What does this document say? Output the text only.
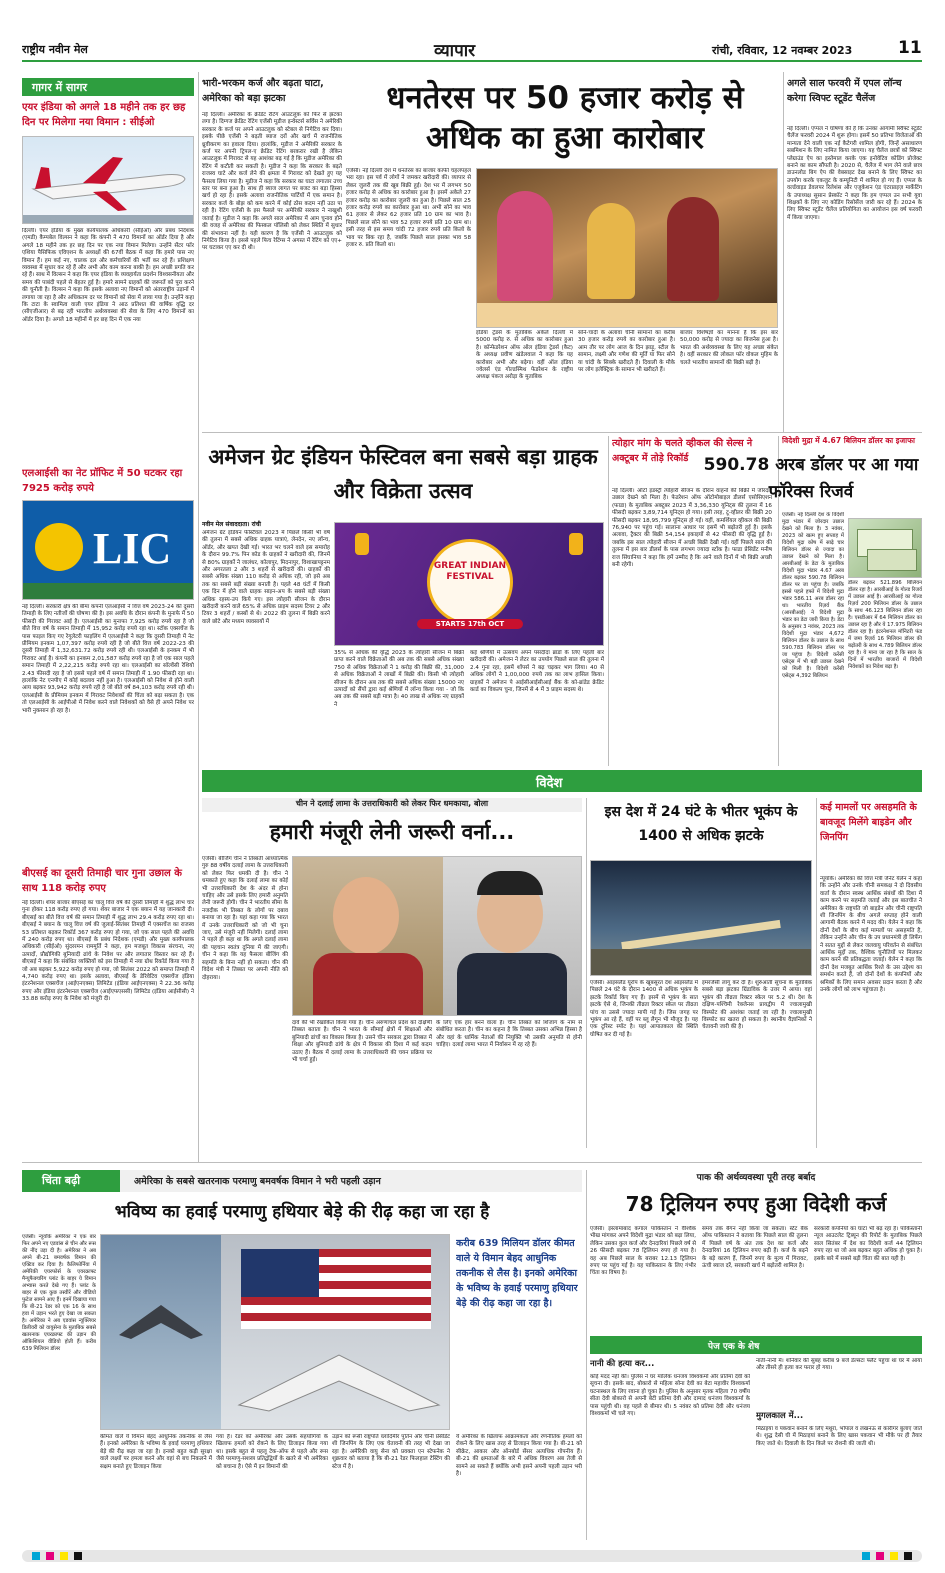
राष्ट्रीय नवीन मेल	व्यापार	रांची, रविवार, 12 नवम्बर 2023	11
गागर में सागर
एयर इंडिया को अगले 18 महीने तक हर छह दिन पर मिलेगा नया विमान : सीईओ
दिल्ली। एयर इंडिया के मुख्य कार्यपालक अधिकारी (सीईओ) और प्रबंध निदेशक (एमडी) कैम्पबेल विल्सन ने कहा कि कंपनी ने 470 विमानों का ऑर्डर दिया है और अगले 18 महीने तक हर छह दिन पर एक नया विमान मिलेगा। उन्होंने सेंटर फॉर एशिया पैसिफिक एविएशन के अध्यक्षों की 67वीं बैठक में कहा कि हमारे पास नए विमान हैं। हम कई नए, चालक दल और कर्मचारियों की भर्ती कर रहे हैं। प्रशिक्षण व्यवस्था में सुधार कर रहे हैं और अभी और काम करना बाकी है। हम अच्छी प्रगति कर रहे हैं। साथ में विल्सन ने कहा कि एयर इंडिया के व्यवहार्यता प्रदर्शन विश्वसनीयता और समय की पाबंदी पहले से बेहतर हुई है। हमारे सामने ग्राहकों की जरूरतें को पूरा करने की चुनौती है। विल्सन ने कहा कि इसके अलावा नए विमानों को अंतरराष्ट्रीय उड़ानों में लगाया जा रहा है और अधिकतम दर पर विमानों को सेवा में लाया गया है। उन्होंने कहा कि टाटा के स्वामित्व वाली एयर इंडिया ने आठ प्रतिशत की वार्षिक वृद्धि दर (सीएजीआर) से बढ़ रही भारतीय अर्थव्यवस्था की सेवा के लिए 470 विमानों का ऑर्डर दिया है। अगले 18 महीनों में हर छह दिन में एक नया
एलआईसी का नेट प्रॉफिट में 50 घटकर रहा 7925 करोड़ रुपये
LIC
नई दिल्ली। सरकारी क्षेत्र की बीमा कंपनी एलआईसी ने वित्त वर्ष 2023-24 की दूसरी तिमाही के लिए नतीजों की घोषणा की है। इस अवधि के दौरान कंपनी के मुनाफे में 50 फीसदी की गिरावट आई है। एलआईसी का मुनाफा 7,925 करोड़ रुपये रहा है जो बीते वित्त वर्ष के समान तिमाही में 15,952 करोड़ रुपये रहा था। स्टॉक एक्सचेंज के पास फाइल किए गए रेगुलेटरी फाइलिंग में एलआईसी ने कहा कि दूसरी तिमाही में नेट प्रीमियम इनकम 1,07,397 करोड़ रुपये रही है जो बीते वित्त वर्ष 2022-23 की दूसरी तिमाही में 1,32,631.72 करोड़ रुपये रही थी। एलआईसी के इनकम में भी गिरावट आई है। कंपनी का इनकम 2,01,587 करोड़ रुपये रहा है जो एक साल पहले समान तिमाही में 2,22,215 करोड़ रुपये रहा था। एलआईसी का सॉल्वेंसी रेशियो 2.43 फीसदी रहा है जो इससे पहले वर्ष में समान तिमाही में 1.90 फीसदी रहा था। हालांकि नेट एनपीए में कोई बदलाव नहीं हुआ है। एलआईसी को निवेश से होने वाली आय बढ़कर 93,942 करोड़ रुपये रही है जो बीते वर्ष 84,103 करोड़ रुपये रही थी। एलआईसी के प्रीमियम इनकम में गिरावट निवेशकों की चिंता को बढ़ा सकता है। एक तो एलआईसी के आईपीओ में निवेश करने वाले निवेशकों को वैसे ही अपने निवेश पर भारी नुकसान हो रहा है।
बीएसई का दूसरी तिमाही चार गुना उछाल के साथ 118 करोड़ रुपए
नई दिल्ली। शेयर बाजार बीएसई का चालू वित्त वर्ष की दूसरी तिमाही में शुद्ध लाभ चार गुना होकर 118 करोड़ रुपए हो गया। शेयर बाजार ने एक बयान में यह जानकारी दी। बीएसई का बीते वित्त वर्ष की समान तिमाही में शुद्ध लाभ 29.4 करोड़ रुपए रहा था। बीएसई ने बयान के चालू वित्त वर्ष की जुलाई-सितंबर तिमाही में एक्सचेंज का राजस्व 53 प्रतिशत बढ़कर रिकॉर्ड 367 करोड़ रुपए हो गया, जो एक साल पहले की अवधि में 240 करोड़ रुपए था। बीएसई के प्रबंध निदेशक (एमडी) और मुख्य कार्यपालक अधिकारी (सीईओ) सुंदररमन राममूर्ति ने कहा, हम मजबूत विकास संरचना, नए उत्पादों, प्रौद्योगिकी बुनियादी ढांचे के निवेश पर और लगातार विस्तार कर रहे हैं। बीएसई ने कहा कि संबंधित व्यक्तियों को इस तिमाही में नया ग्रोथ रिकॉर्ड किया गया है जो अब बढ़कर 5,922 करोड़ रुपए हो गया, जो सितंबर 2022 को समाप्त तिमाही में 4,740 करोड़ रुपए था। इसके अलावा, बीएसई के डेरिवेटिव एक्सचेंज इंडिया इंटरनेशनल एक्सचेंज (आईएनएक्स) लिमिटेड (इंडिया आईएनएक्स) ने 22.36 करोड़ रुपए और इंडिया इंटरनेशनल एक्सचेंज (आईएफएससी) लिमिटेड (इंडिया आईसीसी) ने 33.88 करोड़ रुपए के निवेश को मंजूरी दी।
भारी-भरकम कर्ज और बढ़ता घाटा, अमेरिका को बड़ा झटका
नई दिल्ली। अमेरिका के क्रेडिट रेटिंग आउटलुक को फिर से झटका लगा है। दिग्गज क्रेडिट रेटिंग एजेंसी मूडीज इन्वेस्टर्स सर्विस ने अमेरिकी सरकार के कर्ज पर अपने आउटलुक को स्टेबल से निगेटिव कर दिया। इसके पीछे एजेंसी ने बढ़ती ब्याज दरों और खर्च में राजनीतिक ध्रुवीकरण का हवाला दिया। हालांकि, मूडीज ने अमेरिकी सरकार के कर्ज पर अपनी ट्रिपल-ए क्रेडिट रेटिंग बरकरार रखी है लेकिन आउटलुक में गिरावट से यह आशंका बढ़ गई है कि मूडीज अमेरिका की रेटिंग में कटौती कर सकती है। मूडीज ने कहा कि सरकार के बढ़ते राजस्व घाटे और कर्ज लेने की क्षमता में गिरावट को देखते हुए यह फैसला लिया गया है। मूडीज ने कहा कि सरकार का घाटा लगातार उच्च स्तर पर बना हुआ है। साथ ही ब्याज लागत पर बजट का बड़ा हिस्सा खर्च हो रहा है। इसके अलावा राजनीतिक पार्टियों में एक समान है। सरकार कर्ज के बोझ को कम करने में कोई ठोस कदम नहीं उठा पा रही है। रेटिंग एजेंसी के इस फैसले पर अमेरिकी सरकार ने नाखुशी जताई है। मूडीज ने कहा कि अगले साल अमेरिका में आम चुनाव होने की वजह से अमेरिका की फिस्कल पॉलिसी को लेकर स्थिति में सुधार की संभावना नहीं है। यही कारण है कि एजेंसी ने आउटलुक को निगेटिव किया है। इससे पहले फिच रेटिंग्स ने अगस्त में रेटिंग को एए+ पर घटाकर एए कर दी थी।
धनतेरस पर 50 हजार करोड़ से अधिक का हुआ कारोबार
एजेंसी। नई दिल्ली देश में धनतेरस का बाजार काफी चहलपहल भरा रहा। इस पर्व में लोगों ने जमकर खरीदारी की। व्यापार से लेकर जुलरी तक की खूब बिक्री हुई। देश भर में लगभग 50 हजार करोड़ से अधिक का कारोबार हुआ है। इसमें अकेले 27 हजार करोड़ का कारोबार जुलरी का हुआ है। पिछले साल 25 हजार करोड़ रुपये का कारोबार हुआ था। अभी सोने का भाव 61 हजार से लेकर 62 हजार प्रति 10 ग्राम का भाव है। पिछले साल सोने का भाव 52 हजार रुपये प्रति 10 ग्राम था। इसी तरह से इस समय चांदी 72 हजार रुपये प्रति किलो के भाव पर बिक रहा है, जबकि पिछले साल इसका भाव 58 हजार रु. प्रति किलो था।
इंडिया ट्रेडर्स के मुताबिक अकेले दिल्ली में 5000 करोड़ रु. से अधिक का कारोबार हुआ है। कॉन्फेडरेशन ऑफ ऑल इंडिया ट्रेडर्स (कैट) के अध्यक्ष प्रवीण खंडेलवाल ने कहा कि यह कारोबार अभी और बढ़ेगा। वहीं ऑल इंडिया ज्वेलर्स एंड गोल्डस्मिथ फेडरेशन के राष्ट्रीय अध्यक्ष पंकज अरोड़ा के मुताबिक
सोने-चांदी के अलावा चीनी सामानों का करीब 30 हजार करोड़ रुपये का कारोबार हुआ है। आम तौर पर लोग आज के दिन झाड़ू, स्टील के सामान, लक्ष्मी और गणेश की मूर्ति या फिर सोने या चांदी के सिक्के खरीदते हैं। दिवाली के मौके पर लोग इलेक्ट्रिक के सामान भी खरीदते हैं।
बाजार विशेषज्ञों का मानना है कि इस बार 50,000 करोड़ से ज्यादा का बिजनेस हुआ है। भारत की अर्थव्यवस्था के लिए यह अच्छा संकेत है। वहीं सरकार की लोकल फॉर वोकल मुहिम के चलते भारतीय सामानों की बिक्री बढ़ी है।
अगले साल फरवरी में एपल लॉन्च करेगा स्विफ्ट स्टूडेंट चैलेंज
नई दिल्ली। एप्पल ने घोषणा की है कि उनका आगामी स्विफ्ट स्टूडेंट चैलेंज फरवरी 2024 में शुरू होगा। इसमें 50 प्रतिभा विजेताओं की मान्यता देने वाली एक नई कैटेगरी शामिल होगी, जिन्हें असाधारण सबमिशन के लिए नामित किया जाएगा। यह चैलेंज छात्रों को स्विफ्ट प्लेग्राउंड ऐप का इस्तेमाल करके एक इनोवेटिव कोडिंग प्रोजेक्ट बनाने का काम सौंपती है। 2020 से, चैलेंज में भाग लेने वाले छात्र डाउनलोड बिग ऐप की वेबसाइट देख बनाने के लिए स्विफ्ट का उपयोग करके एकजुट के कम्यूनिटी में शामिल हो गए हैं। एप्पल के वर्ल्डवाइड डेवलपर रिलेशंस और एजुकेशन एंड एंटरप्राइज़ मार्केटिंग के उपाध्यक्ष सुसान प्रेस्कॉट ने कहा कि हम एप्पल उन सभी युवा शिक्षकों के लिए नए कोडिंग रिसोर्सेज जारी कर रहे हैं। 2024 के लिए स्विफ्ट स्टूडेंट चैलेंज प्रतियोगिता का आयोजन इस वर्ष फरवरी में किया जाएगा।
अमेजन ग्रेट इंडियन फेस्टिवल बना सबसे बड़ा ग्राहक और विक्रेता उत्सव
नवीन मेल संवाददाता। रांची
अमेजन ग्रेट इंडियन फेस्टिवल 2023 में पिछले किसी भी वर्ष की तुलना में सबसे अधिक ग्राहक यात्राएं, लेनदेन, नए लॉन्च, ऑर्डर, और खपत देखी गई। भारत भर चलने वाले इस समारोह के दौरान 99.7% पिन कोड के ग्राहकों ने खरीदारी की, जिनमें से 80% ग्राहकों ने जालंधर, कोलापुर, मिदनापुर, विशाखापट्टनम और अगरतला 2 और 3 शहरों से खरीदारी की। ग्राहकों की सबसे अधिक संख्या 110 करोड़ से अधिक रही, जो इसे अब तक का सबसे बड़ी संख्या बनाती है। पहले 48 घंटों में किसी एक दिन में होने वाले ग्राहक साइन-अप के सबसे बड़ी संख्या अधिक रहस्य-उप किये गए। इस त्योहारी सीजन के दौरान खरीदारी करने वाले 65% से अधिक प्राइम सदस्य टियर 2 और टियर 3 शहरों / कस्बों से थे। 2022 की तुलना में बिक्री करने वाले छोटे और मध्यम व्यवसायों में
GREAT INDIAN FESTIVAL
STARTS 17th OCT
35% से अधिक की वृद्धि 2023 के त्योहारी सीजन में बिक्री प्राप्त करने वाले विक्रेताओं की अब तक की सबसे अधिक संख्या 750 से अधिक विक्रेताओं ने 1 करोड़ की बिक्री की, 31,000 से अधिक विक्रेताओं ने लाखों में बिक्री की। किसी भी त्योहारी सीजन के दौरान अब तक की सबसे अधिक संख्या 15000 नए उत्पादों को सैंपों द्वारा कई श्रेणियों में लॉन्च किया गया - जो कि अब तक की सबसे बड़ी मात्रा है। 40 लाख से अधिक नए ग्राहकों ने
कई श्रेणियों में उत्सवप अपने पसंदीदा ब्रांडों के लिए पहली बार खरीदारी की। अमेजन ने लेटर का उपयोग पिछले साल की तुलना में 2.4 गुना रहा, इसमें शॉपर्स ने बढ़ चढ़कर भाग लिया। 40 से अधिक लोगों ने 1,00,000 रुपये तक का लाभ हासिल किया। ग्राहकों ने अमेजन पे आईसीआईसीआई बैंक के को-ब्रांडेड क्रेडिट कार्ड का विकल्प चुना, जिनमें से 4 में 3 प्राइम सदस्य थे।
त्योहार मांग के चलते व्हीकल की सेल्स ने अक्टूबर में तोड़े रिकॉर्ड
नई दिल्ली। ऑटो इंडस्ट्री त्योहारी सीजन के दौरान वाहनों की बिक्री में जोरदार उछाल देखने को मिला है। फेडरेशन ऑफ ऑटोमोबाइल डीलर्स एसोसिएशन (फाडा) के मुताबिक अक्टूबर 2023 में 3,36,330 यूनिट्स की तुलना में 16 फीसदी बढ़कर 3,89,714 यूनिट्स हो गया। इसी तरह, टू-व्हीलर की बिक्री 20 फीसदी बढ़कर 18,95,799 यूनिट्स हो गई। वहीं, कमर्शियल व्हीकल की बिक्री 76,940 पर पहुंच गई। सालाना आधार पर इसमें भी बढ़ोतरी हुई है। इसके अलावा, ट्रैक्टर की बिक्री 54,154 इकाइयों से 42 फीसदी की वृद्धि हुई है। जबकि इस साल त्योहारी सीजन में अच्छी बिक्री देखी गई। वहीं पिछले साल की तुलना में इस बार डीलर्स के पास लगभग ज्यादा स्टॉक है। फाडा प्रेसिडेंट मनीष राज सिंघानिया ने कहा कि हमें उम्मीद है कि आने वाले दिनों में भी बिक्री अच्छी बनी रहेगी।
विदेशी मुद्रा में 4.67 बिलियन डॉलर का इजाफा
590.78 अरब डॉलर पर आ गया फॉरेक्स रिजर्व
एजेंसी। नई दिल्ली देश के विदेशी मुद्रा भंडार में जोरदार उछाल देखने को मिला है। 3 नवंबर, 2023 को खत्म हुए सप्ताह में विदेशी मुद्रा कोष में साढ़े चार बिलियन डॉलर से ज्यादा का उछाल देखने को मिला है। आरबीआई के डेटा के मुताबिक विदेशी मुद्रा भंडार 4.67 अरब डॉलर बढ़कर 590.78 बिलियन डॉलर पर जा पहुंचा है। जबकि इससे पहले हफ्ते में विदेशी मुद्रा भंडार 586.11 अरब डॉलर रहा था। भारतीय रिज़र्व बैंक (आरबीआई) ने विदेशी मुद्रा भंडार का डेटा जारी किया है। डेटा के अनुसार 3 नवंबर, 2023 तक विदेशी मुद्रा भंडार 4,672 बिलियन डॉलर के उछाल के साथ 590.783 बिलियन डॉलर पर जा पहुंचा है। विदेशी करेंसी एसेट्स में भी बड़ी उछाल देखने को मिली है। विदेशी करेंसी एसेट्स 4,392 बिलियन
डॉलर बढ़कर 521.896 बिलियन डॉलर रहा है। आरबीआई के गोल्ड रिजर्व में उछाल आई है। आरबीआई का गोल्ड रिज़र्व 200 मिलियन डॉलर के उछाल के साथ 46.123 बिलियन डॉलर रहा है। एसडीआर में 64 मिलियन डॉलर का उछाल रहा है और ये 17.975 बिलियन डॉलर रहा है। इंटरनेशनल मॉनिटरी फंड में जमा रिज़र्व 16 मिलियन डॉलर की बढ़ोतरी के साथ 4.789 बिलियन डॉलर रहा है। ये माना जा रहा है कि साल के दिनों में भारतीय बाजारों में विदेशी निवेशकों का निवेश बढ़ा है।
विदेश
चीन ने दलाई लामा के उत्तराधिकारी को लेकर फिर धमकाया, बोला
हमारी मंजूरी लेनी जरूरी वर्ना...
एजेंसी। बीजिंग चीन ने तिब्बती आध्यात्मिक गुरु 88 वर्षीय दलाई लामा के उत्तराधिकारी को लेकर फिर धमकी दी है। चीन ने धमकाते हुए कहा कि दलाई लामा का कोई भी उत्तराधिकारी देश के अंदर से होना चाहिए और उसे इसके लिए हमारी अनुमति लेनी जरूरी होगी। चीन ने भारतीय सीमा के नजदीक भी तिब्बत के लोगों पर दबाव बनाया जा रहा है। यहां कहा गया कि भारत में उनके उत्तराधिकारी को जो भी चुना जाए, उसे मंजूरी नहीं मिलेगी। दलाई लामा ने पहले ही कहा था कि अगले दलाई लामा की पहचान स्वतंत्र दुनिया में की जाएगी। चीन ने कहा कि यह फैसला बीजिंग की सहमति के बिना नहीं हो सकता। चीन की विदेश मंत्री ने तिब्बत पर अपनी नीति को दोहराया।
दावे की भी रेखांकित किया गया है। चीन अरुणाचल प्रदेश को दक्षिणी तिब्बत बताता है। चीन ने भारत के सीमाई क्षेत्रों में शिक्षाओं और बुनियादी ढांचों का विकास किया है। उसने चीन सरकार द्वारा तिब्बत में शिक्षा और बुनियादी ढांचे के क्षेत्र में विकास की दिशा में कई कदम उठाए हैं। बैठक में दलाई लामा के उत्तराधिकारी की चयन प्रक्रिया पर भी चर्चा हुई।
के लिए एक हार बनने वाला है। चीन तिब्बत को शिजांग के नाम से संबोधित करता है। चीन का कहना है कि तिब्बत उसका अभिन्न हिस्सा है और वहां के धार्मिक नेताओं की नियुक्ति भी उसकी अनुमति से होनी चाहिए। दलाई लामा भारत में निर्वासन में रह रहे हैं।
इस देश में 24 घंटे के भीतर भूकंप के 1400 से अधिक झटके
एजेंसी। आइसलैंड यूरोप के खूबसूरत देश आइसलैंड में पिछले 24 घंटे के दौरान 1400 से अधिक भूकंप के झटके रिकॉर्ड किए गए हैं। इसमें से भूकंप के सात झटके ऐसे थे, जिनकी तीव्रता रिक्टर स्केल पर तीव्रता पांच या उससे ज्यादा मापी गई है। जिस जगह पर भूकंप आ रहे हैं, वहीं पर ब्लू लैगून भी मौजूद है। यह एक टूरिस्ट स्पॉट है। यहां आपातकाल की स्थिति घोषित कर दी गई है।
इमरजेंसी लागू कर दी है। शुरुआती सूचना के मुताबिक सबसे बड़ा झटका ग्रिंडाविक के उत्तर में आया। वहां भूकंप की तीव्रता रिक्टर स्केल पर 5.2 थी। देश के दक्षिण-पश्चिमी रेक्जेनस प्रायद्वीप में ज्वालामुखी विस्फोट की आशंका जताई जा रही है। ज्वालामुखी विस्फोट का खतरा हो सकता है। स्थानीय वैज्ञानिकों ने चेतावनी जारी की है।
कई मामलों पर असहमति के बावजूद मिलेंगे बाइडेन और जिनपिंग
न्यूयॉर्क। अमेरिका की वित्त मंत्री जेनेट येलेन ने कहा कि उन्होंने और उनके चीनी समकक्ष ने दो दिवसीय वार्ता के दौरान स्वस्थ आर्थिक संबंधों की दिशा में काम करने पर सहमति जताई और इस बातचीत ने अमेरिका के राष्ट्रपति जो बाइडेन और चीनी राष्ट्रपति शी जिनपिंग के बीच अगले सप्ताह होने वाली आगामी बैठक करने में मदद की। येलेन ने कहा कि दोनों देशों के बीच कई मामलों पर असहमति है, लेकिन उन्होंने और चीन के उप प्रधानमंत्री ही लिफेंग ने सतत मुद्दों से लेकर जलवायु परिवर्तन से संबंधित आर्थिक मुद्दों तक, वैश्विक चुनौतियों पर मिलकर काम करने की प्रतिबद्धता जताई। येलेन ने कहा कि दोनों देश मजबूत आर्थिक रिश्ते के उस उद्देश्य का समर्थन करते हैं, जो दोनों देशों के कंपनियों और श्रमिकों के लिए समान अवसर प्रदान करता है और उनके लोगों को लाभ पहुंचाता है।
चिंता बढ़ी	अमेरिका के सबसे खतरनाक परमाणु बमवर्षक विमान ने भरी पहली उड़ान
भविष्य का हवाई परमाणु हथियार बेड़े की रीढ़ कहा जा रहा है
एजेंसी। न्यूयॉर्क अमेरिका ने एक बार फिर अपने नए एडवांस से चीन और रूस की नींद उड़ा दी है। अमेरिका ने अब अपने बी-21 बमवर्षक विमान की एक्टिव कर दिया है। कैलिफोर्निया में अमेरिकी एयरफोर्स के एयरक्राफ्ट मैन्युफैक्चरिंग प्लांट के बाहर ये विमान अभ्यास करते देखे गए हैं। प्लांट के बाहर से एक कुछ तस्वीरें और वीडियो फुटेज सामने आए हैं। इनमें दिखाया गया कि बी-21 रेडर को एक 16 के साथ हवा में उड़ान भरते हुए देखा जा सकता है। अमेरिका ने अब एडवांस न्यूक्लियर डिलीवरी को वायुसेना के मुताबिक सबसे खतरनाक एयरक्राफ्ट की उड़ान की ऑफ़िशियल वीडियो होती हैं। करीब 639 मिलियन डॉलर
करीब 639 मिलियन डॉलर कीमत वाले ये विमान बेहद आधुनिक तकनीक से लैस है। इनको अमेरिका के भविष्य के हवाई परमाणु हथियार बेड़े की रीढ़ कहा जा रहा है।
कीमत वाले ये विमान बेहद आधुनिक तकनीक से लैस हैं। इनको अमेरिका के भविष्य के हवाई परमाणु हथियार बेड़े की रीढ़ कहा जा रहा है। इनको बहुत कड़ी सुरक्षा वाले लक्ष्यों पर हमला करने और वहां से बच निकलने में सक्षम बनाते हुए डिजाइन किया
गया है। रेडर को अमेरिका और उसके सहयोगियों के खिलाफ हमलों को रोकने के लिए डिजाइन किया गया था। इसके बहुत से पहलू टेक-ऑफ से पहले और रूस जैसे परमाणु-सशस्त्र प्रतिद्वंद्वियों के खतरे से भी अमेरिका को बचाना है। ऐसे में इन विमानों की
उड़ान को रूसी राष्ट्रपति व्लादिमीर पुतिन और चीनी प्रेसीडेंट शी जिनपिंग के लिए एक चेतावनी की तरह भी देखा जा रहा है। अमेरिकी वायु सेना को प्रवक्ता एन स्टेफनेक ने शुक्रवार को बताया है कि बी-21 रेडर फिलहाल टेस्टिंग की स्टेज में है।
ये अमेरिका के खिलाफ आक्रामकता और रणनीतिक हमलों को रोकने के लिए खास तरह से डिजाइन किया गया है। बी-21 को सीक्रेट, आकार और ऑनबोर्ड सेंसर अत्यधिक गोपनीय हैं। बी-21 की क्षमताओं के बारे में अधिक विवरण अब तेजी से सामने आ सकते हैं क्योंकि अभी इसने अपनी पहली उड़ान भरी है।
पाक की अर्थव्यवस्था पूरी तरह बर्बाद
78 ट्रिलियन रुपए हुआ विदेशी कर्ज
एजेंसी। इस्लामाबाद कंगाल पाकिस्तान ने वैश्विक भीख मांगकर अपने विदेशी मुद्रा भंडार को बढ़ा लिया, लेकिन उसका कुल कर्ज और देनदारियां पिछले वर्ष से 26 फीसदी बढ़कर 78 ट्रिलियन रुपए हो गया है। वह अब पिछले साल के बराबर 12.13 ट्रिलियन रुपए पर पहुंच गई है। यह पाकिस्तान के लिए गंभीर चिंता का विषय है।
समय तक बैंगन नहीं किया जा सकता। स्टेट बैंक ऑफ पाकिस्तान ने बताया कि पिछले साल की तुलना में पिछले वर्ष के अंत तक देश का कर्ज और देनदारियां 16 ट्रिलियन रुपए बढ़ी हैं। कर्ज के बढ़ने के बड़े कारण हैं, जिनमें रुपए के मूल्य में गिरावट, ऊंची ब्याज दरें, सरकारी खर्च में बढ़ोतरी शामिल है।
सरकारी कंपनियों का घाटा भी बढ़ रहा है। पाकिस्तानी न्यूज आउटलेट ट्रिब्यून की रिपोर्ट के मुताबिक पिछले साल सितंबर में देश का विदेशी कर्ज 44 ट्रिलियन रुपए रहा था जो अब बढ़कर बहुत अधिक हो चुका है। इसके बारे में सबसे बड़ी चिंता की बात यही है।
पेज एक के शेष
नानी की हत्या कर...
कोई मदद नहीं की। पुलिस ने घर मालिक धनंजय विश्वकर्मा और प्रतिमा देवी को सूचना दी। इसके बाद, बोकारो से महिला सोना देवी का बेटा महावीर विश्वकर्मा घटनास्थल के लिए रवाना हो चुका है। पुलिस के अनुसार मृतक महिला 70 वर्षीय सीता देवी बोकारो से अपनी बेटी प्रतिमा देवी और दामाद धनंजय विश्वकर्मा के पास पहुंची थी। वह पहले से बीमार थी। 5 नवंबर को प्रतिमा देवी और धनंजय विश्वकर्मा भी चले गए।
नाती-नानी में। शनिवार की सुबह करीब 9 बजे डेल्सटा फ्लैट पहुंचा था घर में आया और तीसरे ही हत्या कर फरार हो गया।
मुगलकाल में...
मिठाइयां व पकवान बनाने के लिए मथुरा, भोपाल व लखनऊ से कारीगर बुलाए जाते थे। शुद्ध देसी घी में मिठाइयां बनाने के लिए खास पकवान भी मौके पर ही तैयार किए जाते थे। दिवाली के दिन किले पर रोशनी की जाती थी।
